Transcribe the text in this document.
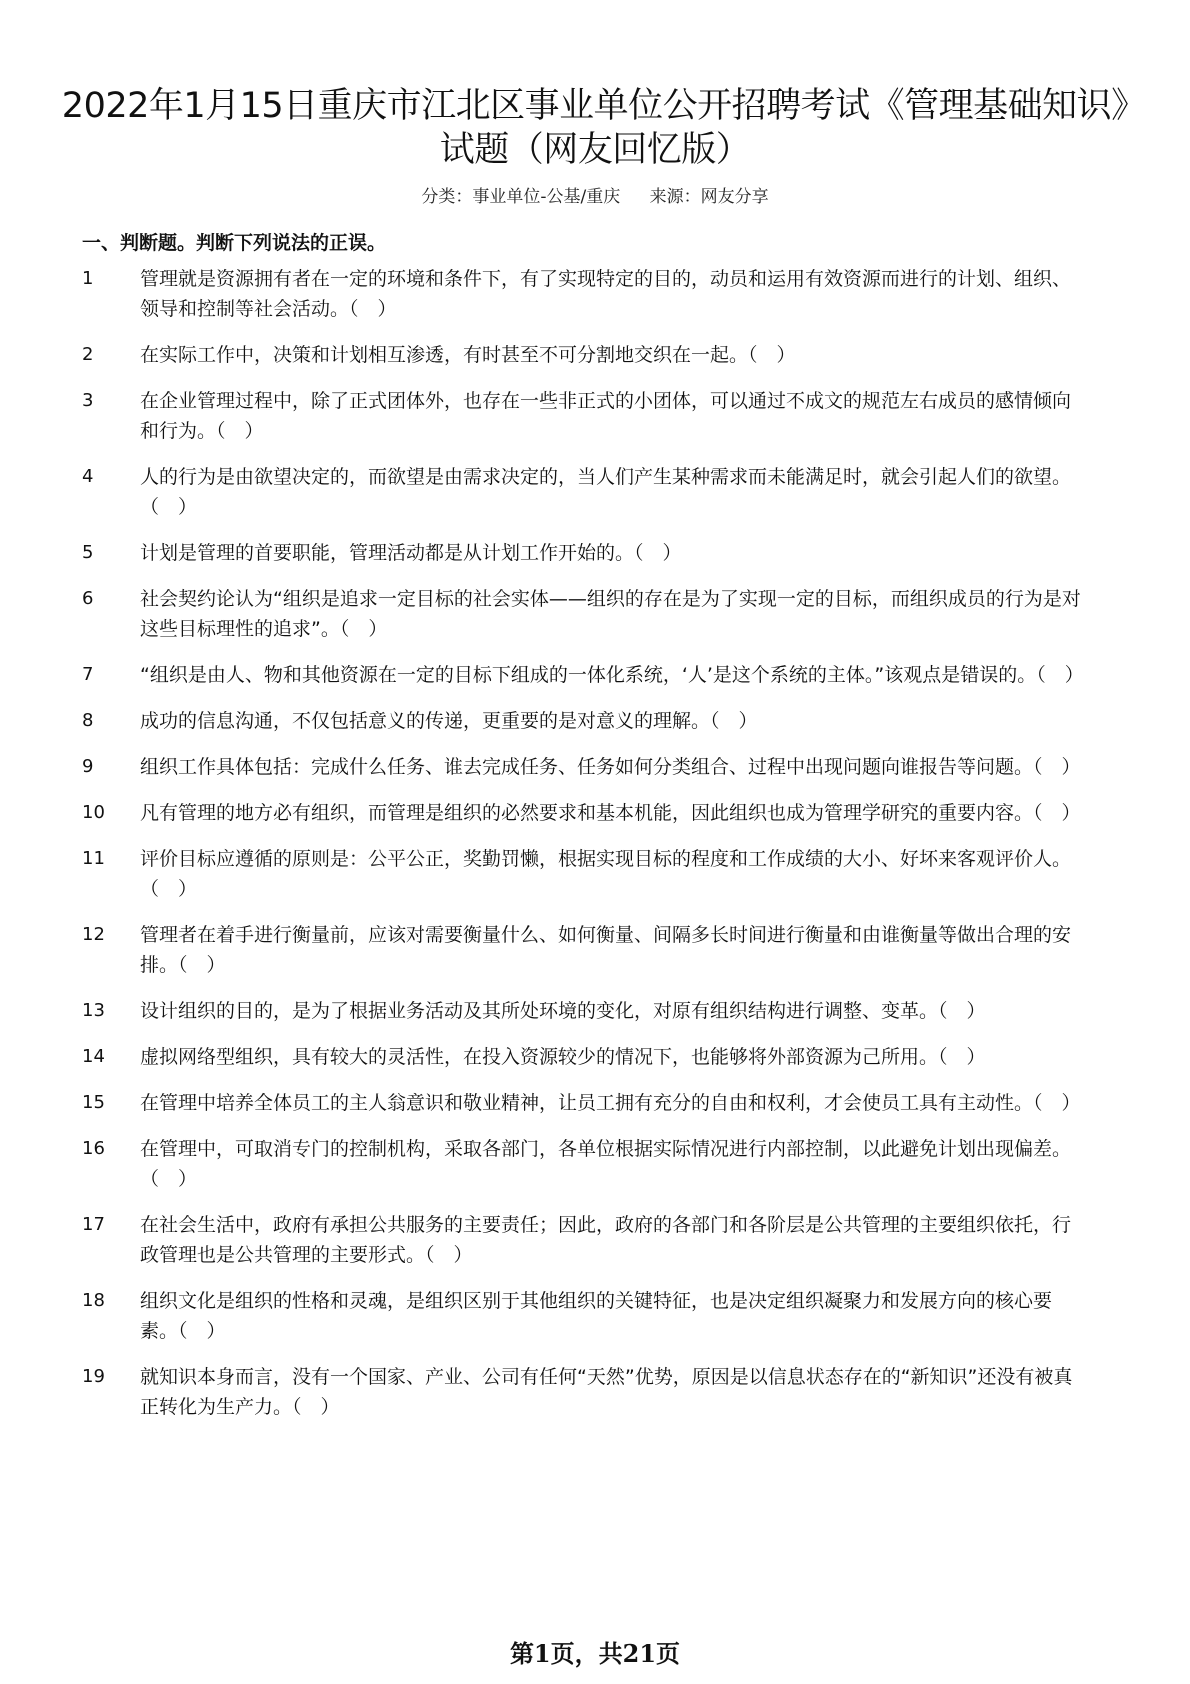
2022年1月15日重庆市江北区事业单位公开招聘考试《管理基础知识》试题（网友回忆版）
分类：事业单位-公基/重庆 来源：网友分享
一、判断题。判断下列说法的正误。
1	管理就是资源拥有者在一定的环境和条件下，有了实现特定的目的，动员和运用有效资源而进行的计划、组织、领导和控制等社会活动。（　）
2	在实际工作中，决策和计划相互渗透，有时甚至不可分割地交织在一起。（　）
3	在企业管理过程中，除了正式团体外，也存在一些非正式的小团体，可以通过不成文的规范左右成员的感情倾向和行为。（　）
4	人的行为是由欲望决定的，而欲望是由需求决定的，当人们产生某种需求而未能满足时，就会引起人们的欲望。（　）
5	计划是管理的首要职能，管理活动都是从计划工作开始的。（　）
6	社会契约论认为“组织是追求一定目标的社会实体——组织的存在是为了实现一定的目标，而组织成员的行为是对这些目标理性的追求”。（　）
7	“组织是由人、物和其他资源在一定的目标下组成的一体化系统，‘人’是这个系统的主体。”该观点是错误的。（　）
8	成功的信息沟通，不仅包括意义的传递，更重要的是对意义的理解。（　）
9	组织工作具体包括：完成什么任务、谁去完成任务、任务如何分类组合、过程中出现问题向谁报告等问题。（　）
10	凡有管理的地方必有组织，而管理是组织的必然要求和基本机能，因此组织也成为管理学研究的重要内容。（　）
11	评价目标应遵循的原则是：公平公正，奖勤罚懒，根据实现目标的程度和工作成绩的大小、好坏来客观评价人。（　）
12	管理者在着手进行衡量前，应该对需要衡量什么、如何衡量、间隔多长时间进行衡量和由谁衡量等做出合理的安排。（　）
13	设计组织的目的，是为了根据业务活动及其所处环境的变化，对原有组织结构进行调整、变革。（　）
14	虚拟网络型组织，具有较大的灵活性，在投入资源较少的情况下，也能够将外部资源为己所用。（　）
15	在管理中培养全体员工的主人翁意识和敬业精神，让员工拥有充分的自由和权利，才会使员工具有主动性。（　）
16	在管理中，可取消专门的控制机构，采取各部门，各单位根据实际情况进行内部控制，以此避免计划出现偏差。（　）
17	在社会生活中，政府有承担公共服务的主要责任；因此，政府的各部门和各阶层是公共管理的主要组织依托，行政管理也是公共管理的主要形式。（　）
18	组织文化是组织的性格和灵魂，是组织区别于其他组织的关键特征，也是决定组织凝聚力和发展方向的核心要素。（　）
19	就知识本身而言，没有一个国家、产业、公司有任何“天然”优势，原因是以信息状态存在的“新知识”还没有被真正转化为生产力。（　）
第1页，共21页
